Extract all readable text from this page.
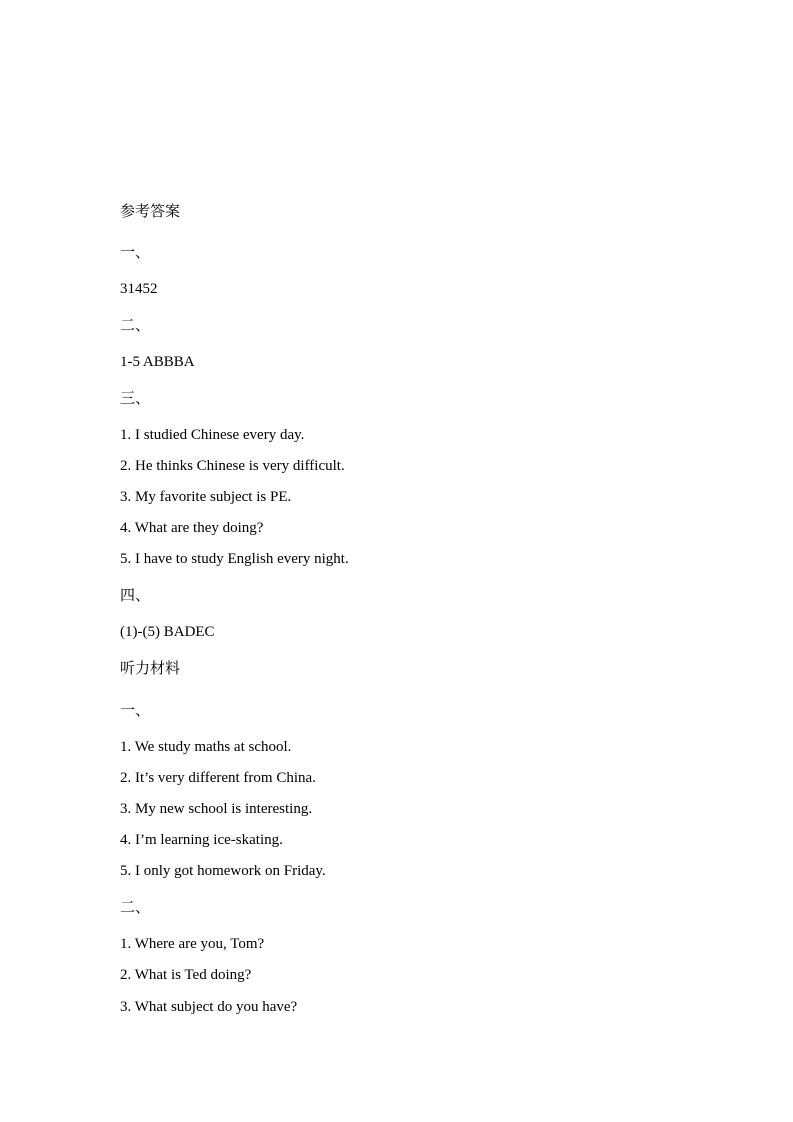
参考答案
一、
31452
二、
1-5 ABBBA
三、
1. I studied Chinese every day.
2. He thinks Chinese is very difficult.
3. My favorite subject is PE.
4. What are they doing?
5. I have to study English every night.
四、
(1)-(5) BADEC
听力材料
一、
1. We study maths at school.
2. It’s very different from China.
3. My new school is interesting.
4. I’m learning ice-skating.
5. I only got homework on Friday.
二、
1. Where are you, Tom?
2. What is Ted doing?
3. What subject do you have?
